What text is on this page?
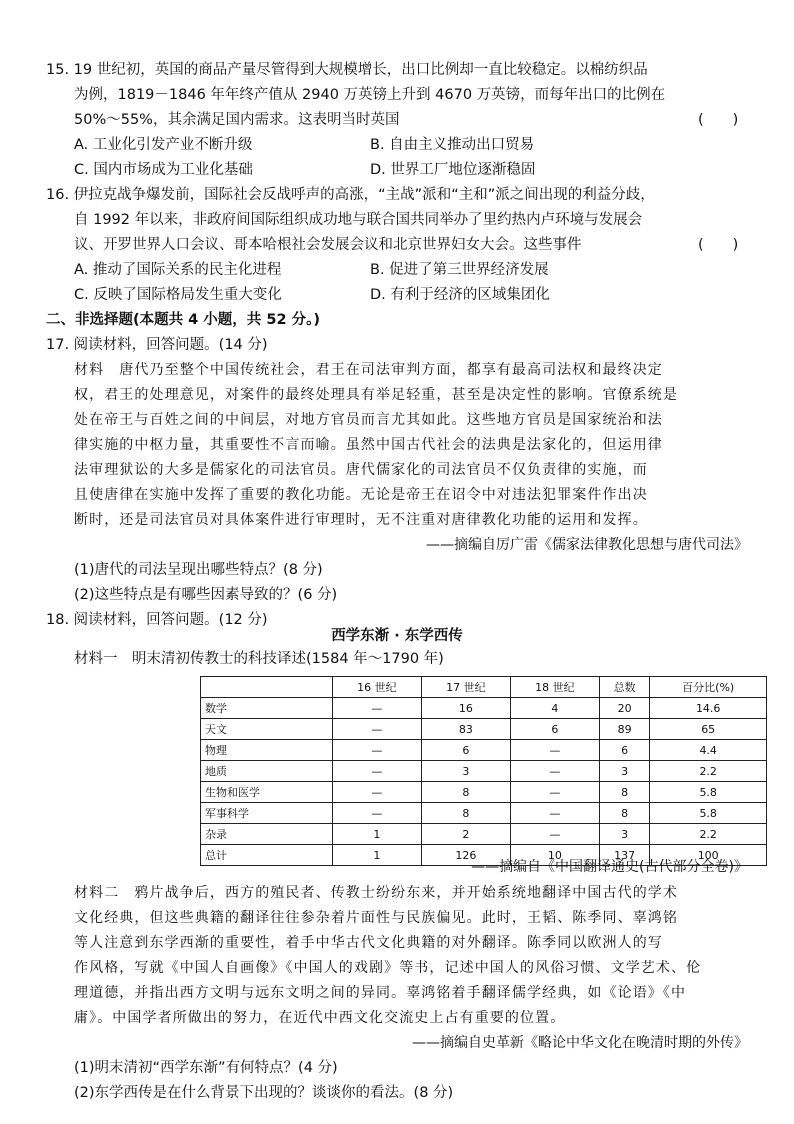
15. 19 世纪初，英国的商品产量尽管得到大规模增长，出口比例却一直比较稳定。以棉纺织品
为例，1819－1846 年年终产值从 2940 万英镑上升到 4670 万英镑，而每年出口的比例在
50%～55%，其余满足国内需求。这表明当时英国	(　　)
A. 工业化引发产业不断升级	B. 自由主义推动出口贸易
C. 国内市场成为工业化基础	D. 世界工厂地位逐渐稳固
16. 伊拉克战争爆发前，国际社会反战呼声的高涨，“主战”派和“主和”派之间出现的利益分歧，
自 1992 年以来，非政府间国际组织成功地与联合国共同举办了里约热内卢环境与发展会
议、开罗世界人口会议、哥本哈根社会发展会议和北京世界妇女大会。这些事件	(　　)
A. 推动了国际关系的民主化进程	B. 促进了第三世界经济发展
C. 反映了国际格局发生重大变化	D. 有利于经济的区域集团化
二、非选择题(本题共 4 小题，共 52 分。)
17. 阅读材料，回答问题。(14 分)
材料　唐代乃至整个中国传统社会，君王在司法审判方面，都享有最高司法权和最终决定
权，君王的处理意见，对案件的最终处理具有举足轻重，甚至是决定性的影响。官僚系统是
处在帝王与百姓之间的中间层，对地方官员而言尤其如此。这些地方官员是国家统治和法
律实施的中枢力量，其重要性不言而喻。虽然中国古代社会的法典是法家化的，但运用律
法审理狱讼的大多是儒家化的司法官员。唐代儒家化的司法官员不仅负责律的实施，而
且使唐律在实施中发挥了重要的教化功能。无论是帝王在诏令中对违法犯罪案件作出决
断时，还是司法官员对具体案件进行审理时，无不注重对唐律教化功能的运用和发挥。
——摘编自厉广雷《儒家法律教化思想与唐代司法》
(1)唐代的司法呈现出哪些特点？(8 分)
(2)这些特点是有哪些因素导致的？(6 分)
18. 阅读材料，回答问题。(12 分)
西学东渐 · 东学西传
材料一　明末清初传教士的科技译述(1584 年～1790 年)
	16 世纪	17 世纪	18 世纪	总数	百分比(%)
数学	—	16	4	20	14.6
天文	—	83	6	89	65
物理	—	6	—	6	4.4
地质	—	3	—	3	2.2
生物和医学	—	8	—	8	5.8
军事科学	—	8	—	8	5.8
杂录	1	2	—	3	2.2
总计	1	126	10	137	100
——摘编自《中国翻译通史(古代部分全卷)》
材料二　鸦片战争后，西方的殖民者、传教士纷纷东来，并开始系统地翻译中国古代的学术
文化经典，但这些典籍的翻译往往参杂着片面性与民族偏见。此时，王韬、陈季同、辜鸿铭
等人注意到东学西渐的重要性，着手中华古代文化典籍的对外翻译。陈季同以欧洲人的写
作风格，写就《中国人自画像》《中国人的戏剧》等书，记述中国人的风俗习惯、文学艺术、伦
理道德，并指出西方文明与远东文明之间的异同。辜鸿铭着手翻译儒学经典，如《论语》《中
庸》。中国学者所做出的努力，在近代中西文化交流史上占有重要的位置。
——摘编自史革新《略论中华文化在晚清时期的外传》
(1)明末清初“西学东渐”有何特点？(4 分)
(2)东学西传是在什么背景下出现的？谈谈你的看法。(8 分)
